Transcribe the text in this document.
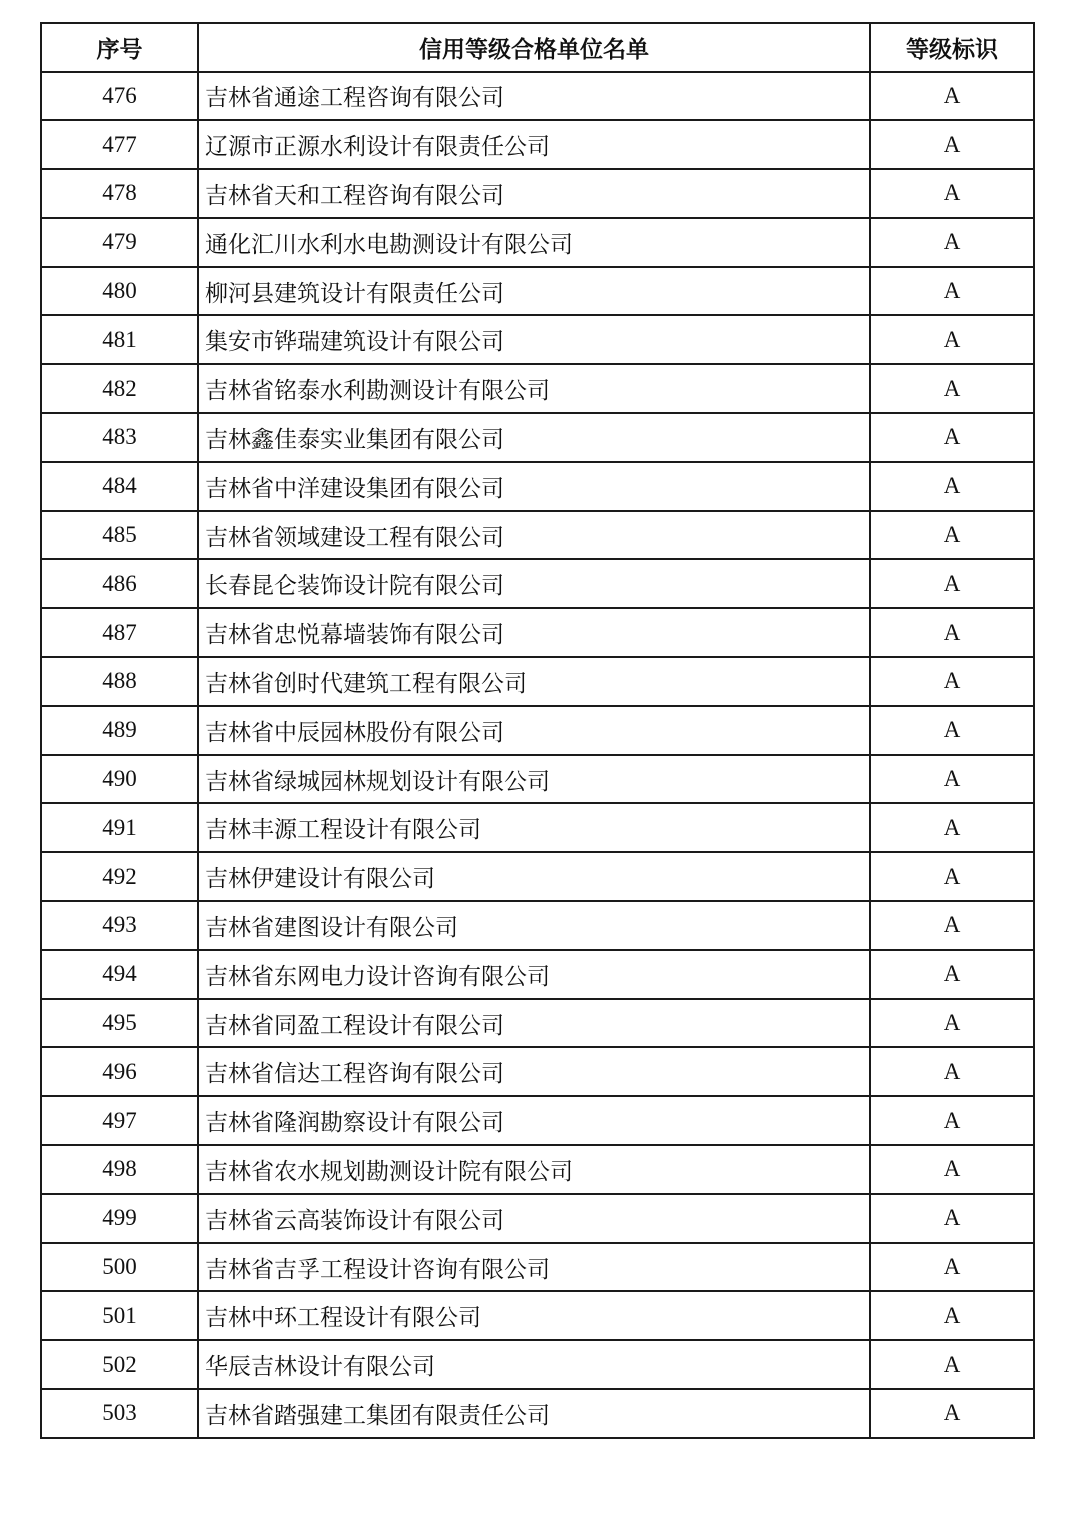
序号	信用等级合格单位名单	等级标识
476	吉林省通途工程咨询有限公司	A
477	辽源市正源水利设计有限责任公司	A
478	吉林省天和工程咨询有限公司	A
479	通化汇川水利水电勘测设计有限公司	A
480	柳河县建筑设计有限责任公司	A
481	集安市铧瑞建筑设计有限公司	A
482	吉林省铭泰水利勘测设计有限公司	A
483	吉林鑫佳泰实业集团有限公司	A
484	吉林省中洋建设集团有限公司	A
485	吉林省领域建设工程有限公司	A
486	长春昆仑装饰设计院有限公司	A
487	吉林省忠悦幕墙装饰有限公司	A
488	吉林省创时代建筑工程有限公司	A
489	吉林省中辰园林股份有限公司	A
490	吉林省绿城园林规划设计有限公司	A
491	吉林丰源工程设计有限公司	A
492	吉林伊建设计有限公司	A
493	吉林省建图设计有限公司	A
494	吉林省东网电力设计咨询有限公司	A
495	吉林省同盈工程设计有限公司	A
496	吉林省信达工程咨询有限公司	A
497	吉林省隆润勘察设计有限公司	A
498	吉林省农水规划勘测设计院有限公司	A
499	吉林省云高装饰设计有限公司	A
500	吉林省吉孚工程设计咨询有限公司	A
501	吉林中环工程设计有限公司	A
502	华辰吉林设计有限公司	A
503	吉林省踏强建工集团有限责任公司	A
